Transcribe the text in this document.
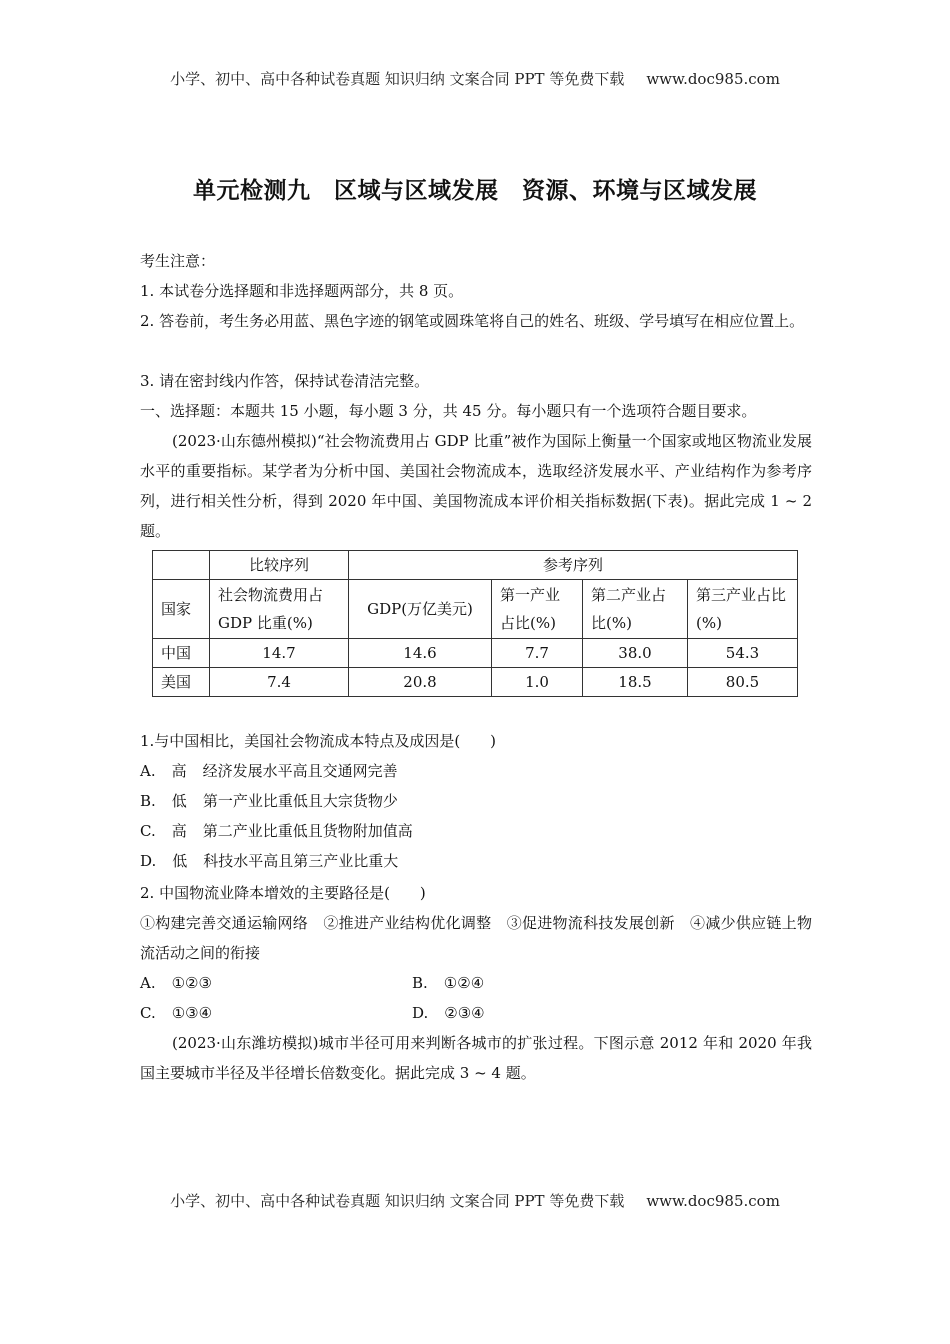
小学、初中、高中各种试卷真题 知识归纳 文案合同 PPT 等免费下载 www.doc985.com
单元检测九　区域与区域发展　资源、环境与区域发展
考生注意：
1. 本试卷分选择题和非选择题两部分，共 8 页。
2. 答卷前，考生务必用蓝、黑色字迹的钢笔或圆珠笔将自己的姓名、班级、学号填写在相应位置上。
3. 请在密封线内作答，保持试卷清洁完整。
一、选择题：本题共 15 小题，每小题 3 分，共 45 分。每小题只有一个选项符合题目要求。
(2023·山东德州模拟)“社会物流费用占 GDP 比重”被作为国际上衡量一个国家或地区物流业发展水平的重要指标。某学者为分析中国、美国社会物流成本，选取经济发展水平、产业结构作为参考序列，进行相关性分析，得到 2020 年中国、美国物流成本评价相关指标数据(下表)。据此完成 1 ~ 2 题。
	比较序列	参考序列			
国家	社会物流费用占 GDP 比重(%)	GDP(万亿美元)	第一产业占比(%)	第二产业占比(%)	第三产业占比(%)
中国	14.7	14.6	7.7	38.0	54.3
美国	7.4	20.8	1.0	18.5	80.5
1.与中国相比，美国社会物流成本特点及成因是(　　)
A. 高 经济发展水平高且交通网完善
B. 低 第一产业比重低且大宗货物少
C. 高 第二产业比重低且货物附加值高
D. 低 科技水平高且第三产业比重大
2. 中国物流业降本增效的主要路径是(　　)
①构建完善交通运输网络　②推进产业结构优化调整　③促进物流科技发展创新　④减少供应链上物流活动之间的衔接
A. ①②③	B. ①②④
C. ①③④	D. ②③④
(2023·山东潍坊模拟)城市半径可用来判断各城市的扩张过程。下图示意 2012 年和 2020 年我国主要城市半径及半径增长倍数变化。据此完成 3 ~ 4 题。
小学、初中、高中各种试卷真题 知识归纳 文案合同 PPT 等免费下载 www.doc985.com
